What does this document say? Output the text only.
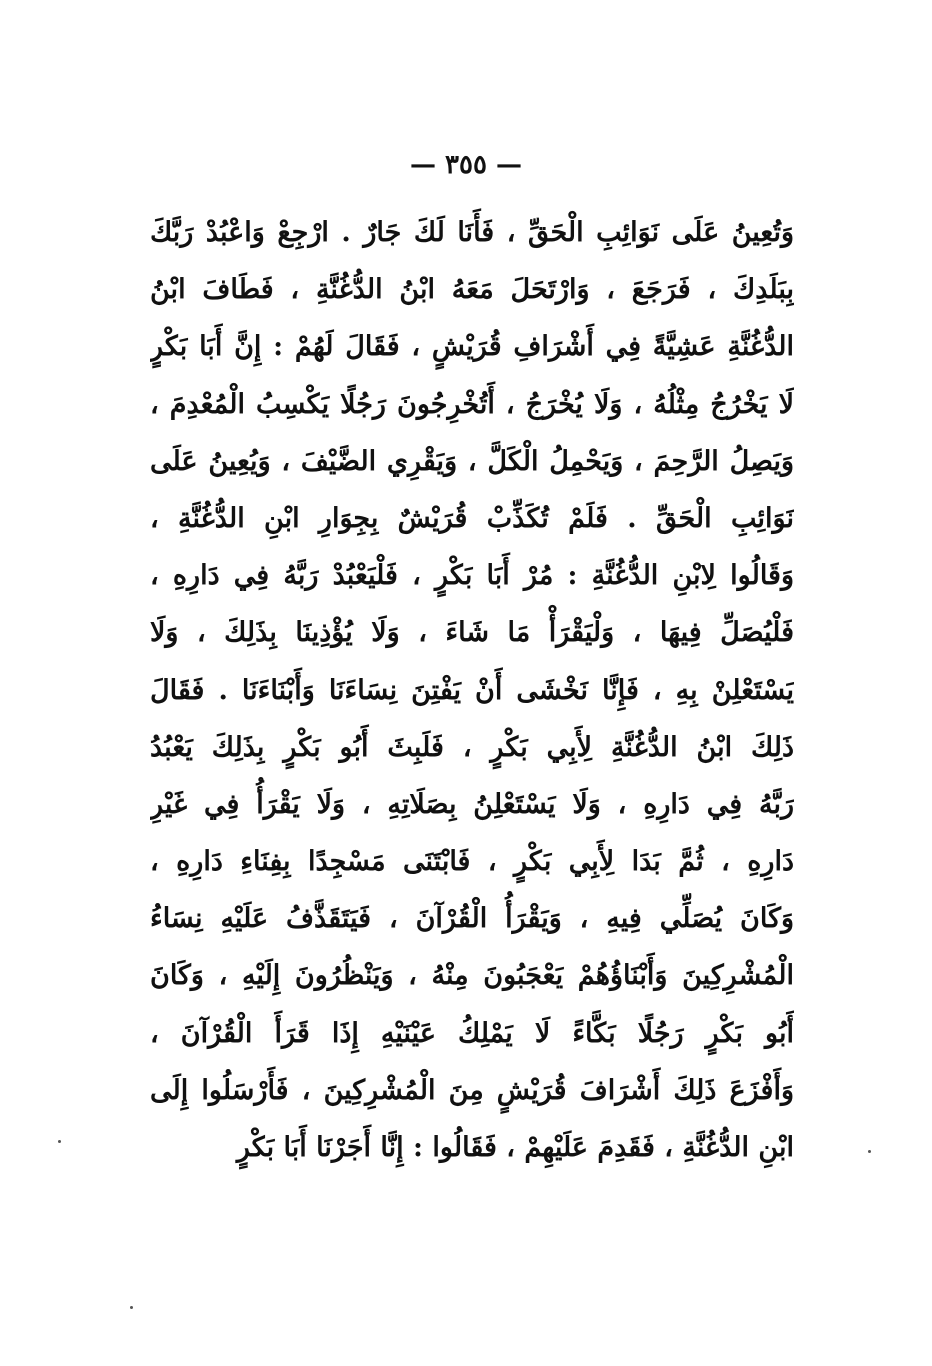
— ٣٥٥ —
وَتُعِينُ عَلَى نَوَائِبِ الْحَقِّ ، فَأَنَا لَكَ جَارٌ . ارْجِعْ وَاعْبُدْ رَبَّكَ
بِبَلَدِكَ ، فَرَجَعَ ، وَارْتَحَلَ مَعَهُ ابْنُ الدُّغُنَّةِ ، فَطَافَ ابْنُ
الدُّغُنَّةِ عَشِيَّةً فِي أَشْرَافِ قُرَيْشٍ ، فَقَالَ لَهُمْ : إِنَّ أَبَا بَكْرٍ
لَا يَخْرُجُ مِثْلُهُ ، وَلَا يُخْرَجُ ، أَتُخْرِجُونَ رَجُلًا يَكْسِبُ الْمُعْدِمَ ،
وَيَصِلُ الرَّحِمَ ، وَيَحْمِلُ الْكَلَّ ، وَيَقْرِي الضَّيْفَ ، وَيُعِينُ عَلَى
نَوَائِبِ الْحَقِّ . فَلَمْ تُكَذِّبْ قُرَيْشٌ بِجِوَارِ ابْنِ الدُّغُنَّةِ ،
وَقَالُوا لِابْنِ الدُّغُنَّةِ : مُرْ أَبَا بَكْرٍ ، فَلْيَعْبُدْ رَبَّهُ فِي دَارِهِ ،
فَلْيُصَلِّ فِيهَا ، وَلْيَقْرَأْ مَا شَاءَ ، وَلَا يُؤْذِينَا بِذَلِكَ ، وَلَا
يَسْتَعْلِنْ بِهِ ، فَإِنَّا نَخْشَى أَنْ يَفْتِنَ نِسَاءَنَا وَأَبْنَاءَنَا . فَقَالَ
ذَلِكَ ابْنُ الدُّغُنَّةِ لِأَبِي بَكْرٍ ، فَلَبِثَ أَبُو بَكْرٍ بِذَلِكَ يَعْبُدُ
رَبَّهُ فِي دَارِهِ ، وَلَا يَسْتَعْلِنُ بِصَلَاتِهِ ، وَلَا يَقْرَأُ فِي غَيْرِ
دَارِهِ ، ثُمَّ بَدَا لِأَبِي بَكْرٍ ، فَابْتَنَى مَسْجِدًا بِفِنَاءِ دَارِهِ ،
وَكَانَ يُصَلِّي فِيهِ ، وَيَقْرَأُ الْقُرْآنَ ، فَيَتَقَذَّفُ عَلَيْهِ نِسَاءُ
الْمُشْرِكِينَ وَأَبْنَاؤُهُمْ يَعْجَبُونَ مِنْهُ ، وَيَنْظُرُونَ إِلَيْهِ ، وَكَانَ
أَبُو بَكْرٍ رَجُلًا بَكَّاءً لَا يَمْلِكُ عَيْنَيْهِ إِذَا قَرَأَ الْقُرْآنَ ،
وَأَفْزَعَ ذَلِكَ أَشْرَافَ قُرَيْشٍ مِنَ الْمُشْرِكِينَ ، فَأَرْسَلُوا إِلَى
ابْنِ الدُّغُنَّةِ ، فَقَدِمَ عَلَيْهِمْ ، فَقَالُوا : إِنَّا أَجَرْنَا أَبَا بَكْرٍ
